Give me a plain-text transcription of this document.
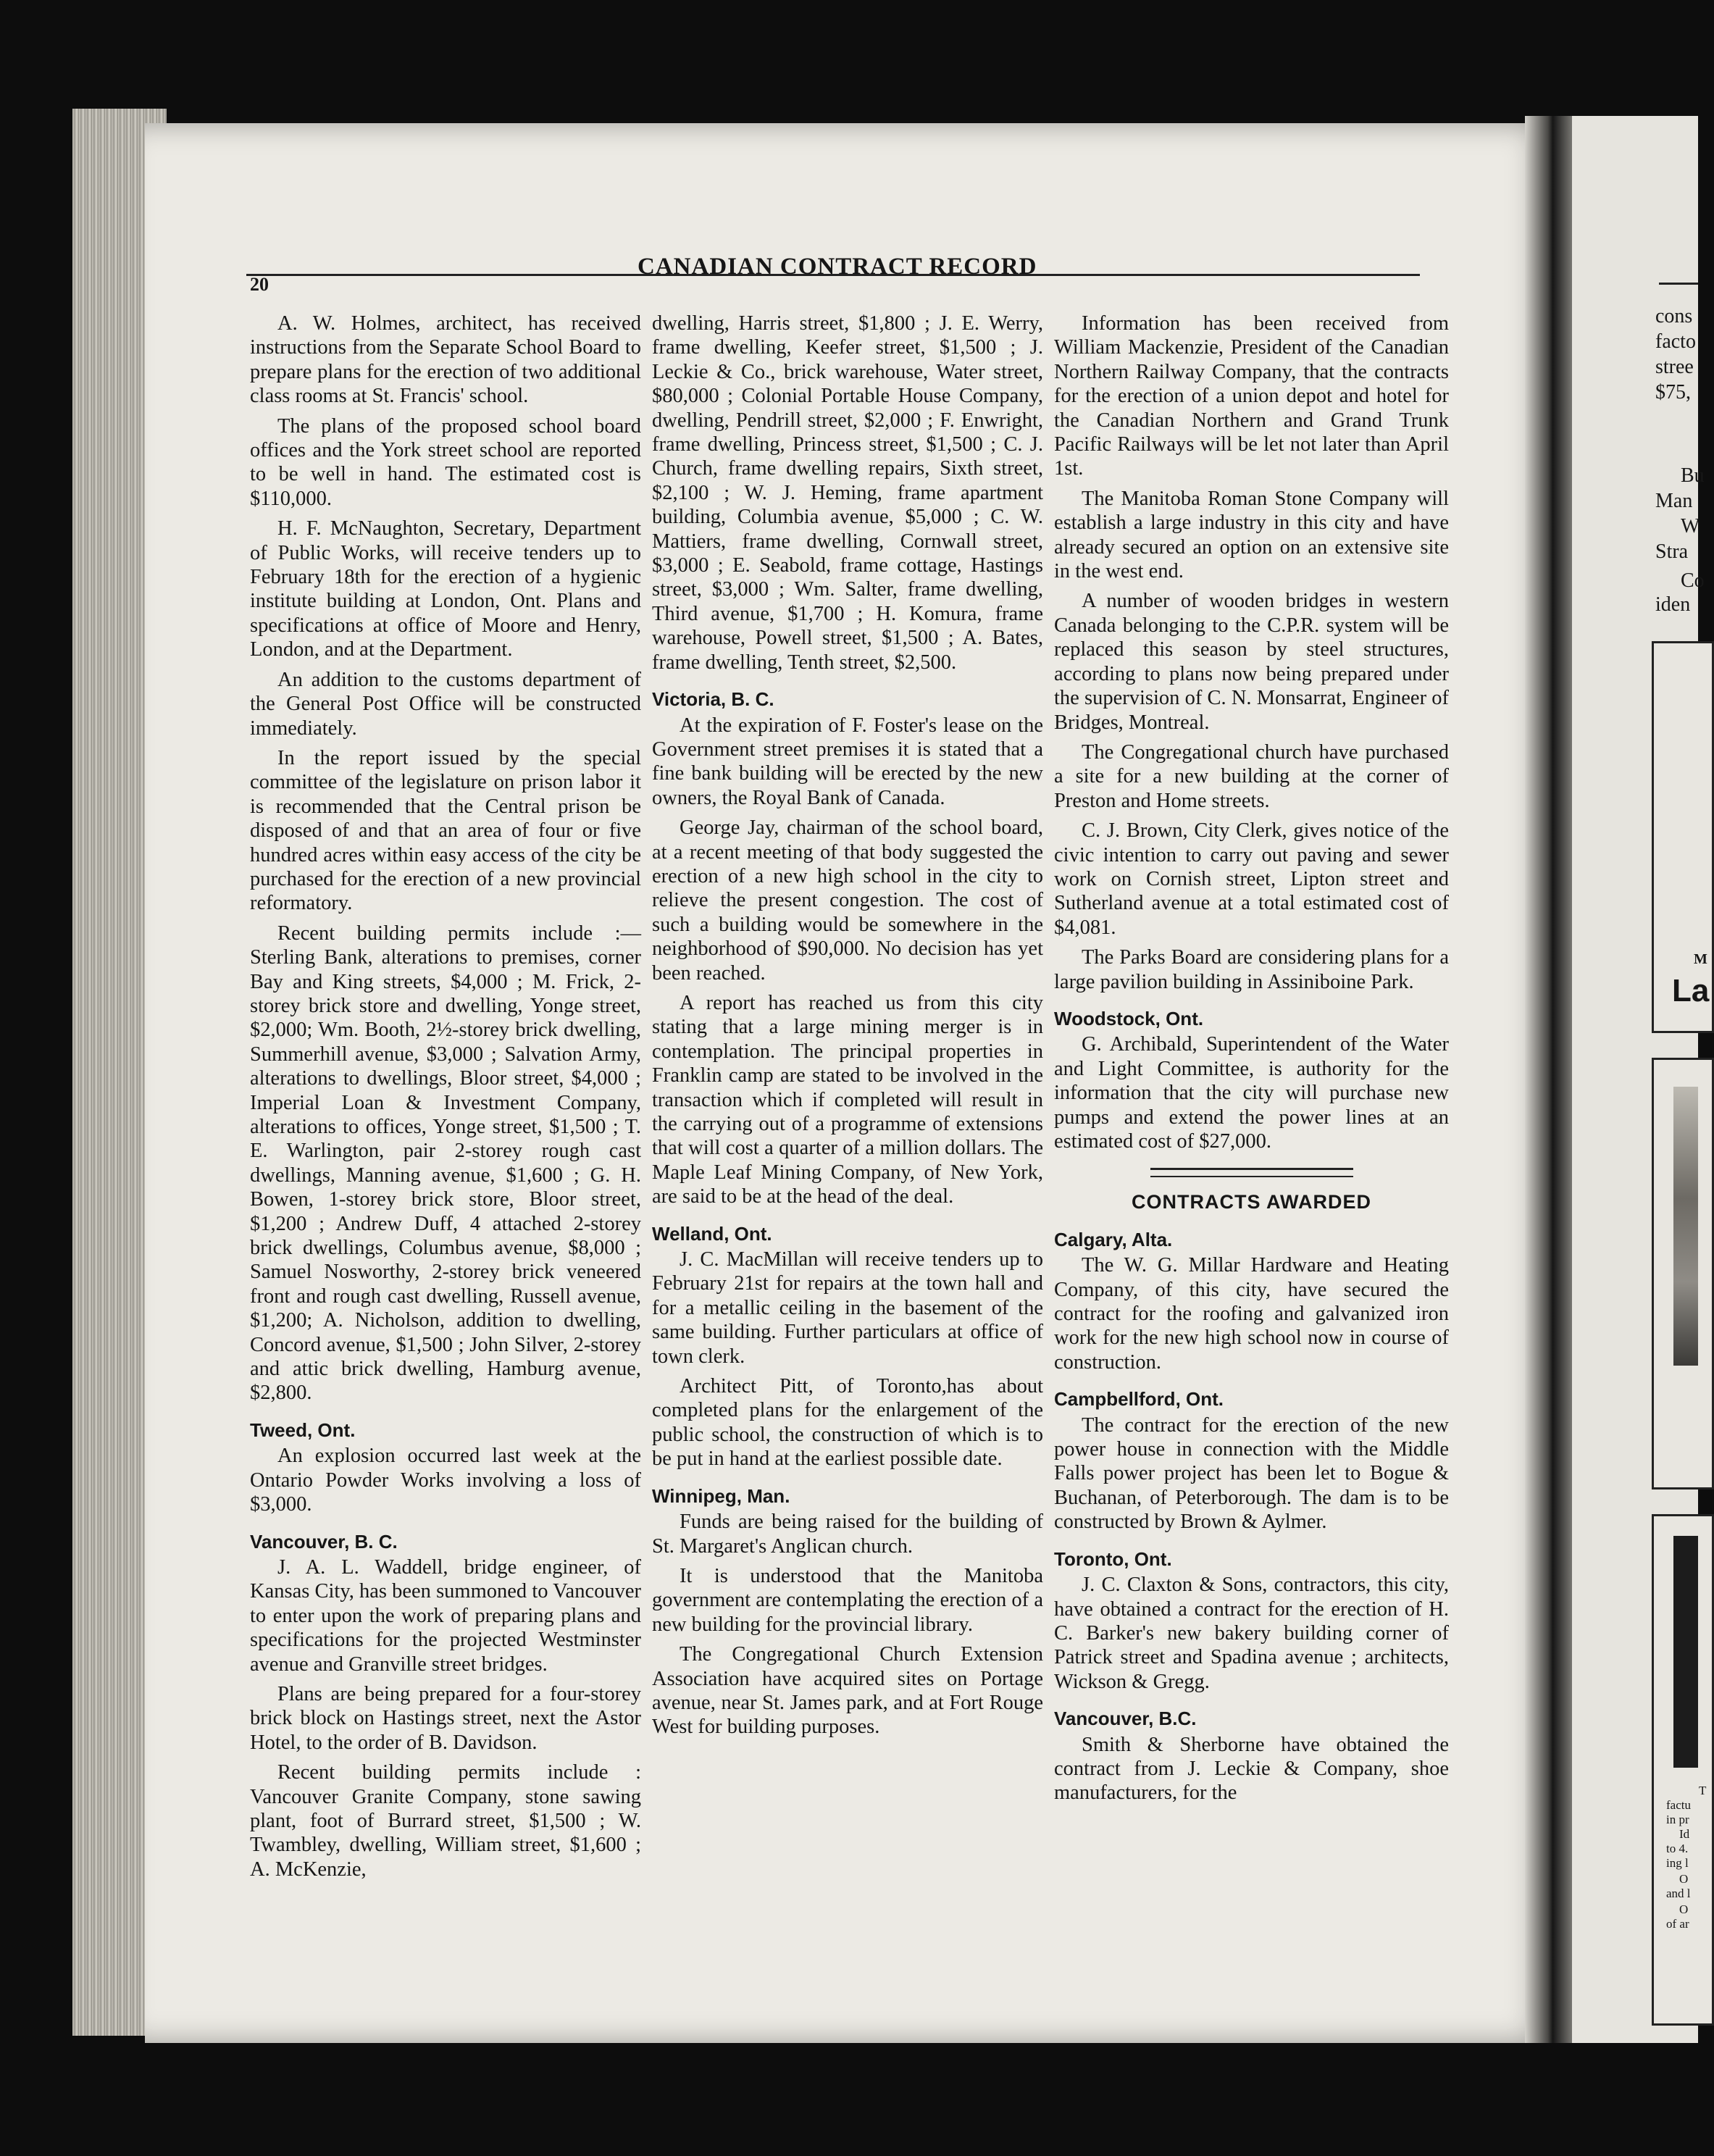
20
CANADIAN CONTRACT RECORD

A. W. Holmes, architect, has received instructions from the Separate School Board to prepare plans for the erection of two additional class rooms at St. Francis' school.

The plans of the proposed school board offices and the York street school are reported to be well in hand. The estimated cost is $110,000.

H. F. McNaughton, Secretary, Department of Public Works, will receive tenders up to February 18th for the erection of a hygienic institute building at London, Ont. Plans and specifications at office of Moore and Henry, London, and at the Department.

An addition to the customs department of the General Post Office will be constructed immediately.

In the report issued by the special committee of the legislature on prison labor it is recommended that the Central prison be disposed of and that an area of four or five hundred acres within easy access of the city be purchased for the erection of a new provincial reformatory.

Recent building permits include :— Sterling Bank, alterations to premises, corner Bay and King streets, $4,000 ; M. Frick, 2-storey brick store and dwelling, Yonge street, $2,000; Wm. Booth, 2½-storey brick dwelling, Summerhill avenue, $3,000 ; Salvation Army, alterations to dwellings, Bloor street, $4,000 ; Imperial Loan & Investment Company, alterations to offices, Yonge street, $1,500 ; T. E. Warlington, pair 2-storey rough cast dwellings, Manning avenue, $1,600 ; G. H. Bowen, 1-storey brick store, Bloor street, $1,200 ; Andrew Duff, 4 attached 2-storey brick dwellings, Columbus avenue, $8,000 ; Samuel Nosworthy, 2-storey brick veneered front and rough cast dwelling, Russell avenue, $1,200; A. Nicholson, addition to dwelling, Concord avenue, $1,500 ; John Silver, 2-storey and attic brick dwelling, Hamburg avenue, $2,800.

Tweed, Ont.

An explosion occurred last week at the Ontario Powder Works involving a loss of $3,000.

Vancouver, B. C.

J. A. L. Waddell, bridge engineer, of Kansas City, has been summoned to Vancouver to enter upon the work of preparing plans and specifications for the projected Westminster avenue and Granville street bridges.

Plans are being prepared for a four-storey brick block on Hastings street, next the Astor Hotel, to the order of B. Davidson.

Recent building permits include : Vancouver Granite Company, stone sawing plant, foot of Burrard street, $1,500 ; W. Twambley, dwelling, William street, $1,600 ; A. McKenzie,

dwelling, Harris street, $1,800 ; J. E. Werry, frame dwelling, Keefer street, $1,500 ; J. Leckie & Co., brick warehouse, Water street, $80,000 ; Colonial Portable House Company, dwelling, Pendrill street, $2,000 ; F. Enwright, frame dwelling, Princess street, $1,500 ; C. J. Church, frame dwelling repairs, Sixth street, $2,100 ; W. J. Heming, frame apartment building, Columbia avenue, $5,000 ; C. W. Mattiers, frame dwelling, Cornwall street, $3,000 ; E. Seabold, frame cottage, Hastings street, $3,000 ; Wm. Salter, frame dwelling, Third avenue, $1,700 ; H. Komura, frame warehouse, Powell street, $1,500 ; A. Bates, frame dwelling, Tenth street, $2,500.

Victoria, B. C.

At the expiration of F. Foster's lease on the Government street premises it is stated that a fine bank building will be erected by the new owners, the Royal Bank of Canada.

George Jay, chairman of the school board, at a recent meeting of that body suggested the erection of a new high school in the city to relieve the present congestion. The cost of such a building would be somewhere in the neighborhood of $90,000. No decision has yet been reached.

A report has reached us from this city stating that a large mining merger is in contemplation. The principal properties in Franklin camp are stated to be involved in the transaction which if completed will result in the carrying out of a programme of extensions that will cost a quarter of a million dollars. The Maple Leaf Mining Company, of New York, are said to be at the head of the deal.

Welland, Ont.

J. C. MacMillan will receive tenders up to February 21st for repairs at the town hall and for a metallic ceiling in the basement of the same building. Further particulars at office of town clerk.

Architect Pitt, of Toronto,has about completed plans for the enlargement of the public school, the construction of which is to be put in hand at the earliest possible date.

Winnipeg, Man.

Funds are being raised for the building of St. Margaret's Anglican church.

It is understood that the Manitoba government are contemplating the erection of a new building for the provincial library.

The Congregational Church Extension Association have acquired sites on Portage avenue, near St. James park, and at Fort Rouge West for building purposes.

Information has been received from William Mackenzie, President of the Canadian Northern Railway Company, that the contracts for the erection of a union depot and hotel for the Canadian Northern and Grand Trunk Pacific Railways will be let not later than April 1st.

The Manitoba Roman Stone Company will establish a large industry in this city and have already secured an option on an extensive site in the west end.

A number of wooden bridges in western Canada belonging to the C.P.R. system will be replaced this season by steel structures, according to plans now being prepared under the supervision of C. N. Monsarrat, Engineer of Bridges, Montreal.

The Congregational church have purchased a site for a new building at the corner of Preston and Home streets.

C. J. Brown, City Clerk, gives notice of the civic intention to carry out paving and sewer work on Cornish street, Lipton street and Sutherland avenue at a total estimated cost of $4,081.

The Parks Board are considering plans for a large pavilion building in Assiniboine Park.

Woodstock, Ont.

G. Archibald, Superintendent of the Water and Light Committee, is authority for the information that the city will purchase new pumps and extend the power lines at an estimated cost of $27,000.

CONTRACTS AWARDED
Calgary, Alta.

The W. G. Millar Hardware and Heating Company, of this city, have secured the contract for the roofing and galvanized iron work for the new high school now in course of construction.

Campbellford, Ont.

The contract for the erection of the new power house in connection with the Middle Falls power project has been let to Bogue & Buchanan, of Peterborough. The dam is to be constructed by Brown & Aylmer.

Toronto, Ont.

J. C. Claxton & Sons, contractors, this city, have obtained a contract for the erection of H. C. Barker's new bakery building corner of Patrick street and Spadina avenue ; architects, Wickson & Gregg.

Vancouver, B.C.

Smith & Sherborne have obtained the contract from J. Leckie & Company, shoe manufacturers, for the

cons
facto
stree
$75,
Bu
Man
W
Stra
Co
iden
M
La
T
factu
in pr
Id
to 4.
ing l
O
and l
O
of ar
